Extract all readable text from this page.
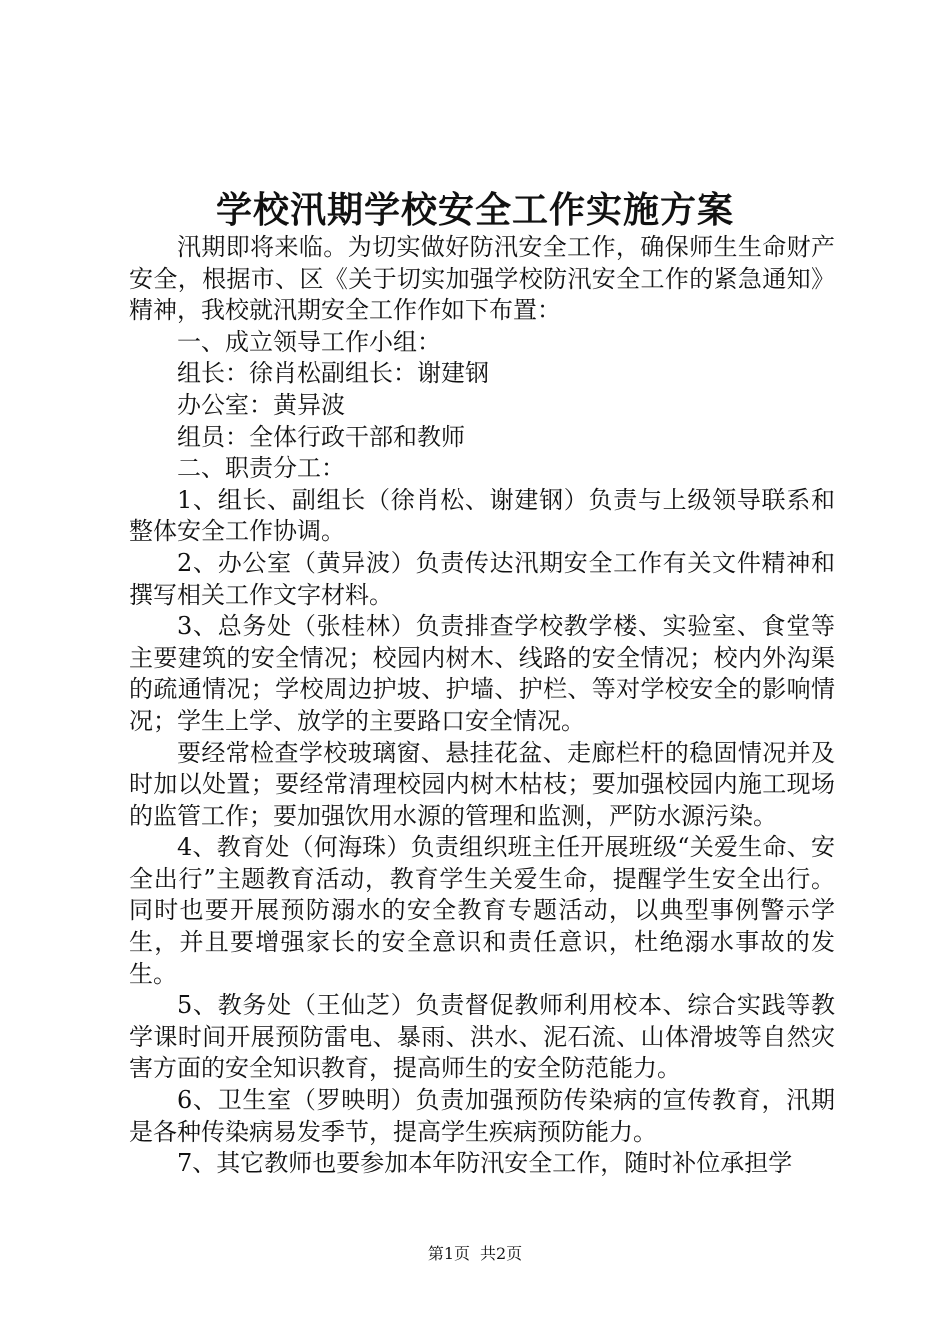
学校汛期学校安全工作实施方案

汛期即将来临。为切实做好防汛安全工作，确保师生生命财产安全，根据市、区《关于切实加强学校防汛安全工作的紧急通知》精神，我校就汛期安全工作作如下布置：

一、成立领导工作小组：

组长：徐肖松副组长：谢建钢

办公室：黄异波

组员：全体行政干部和教师

二、职责分工：

1、组长、副组长（徐肖松、谢建钢）负责与上级领导联系和整体安全工作协调。

2、办公室（黄异波）负责传达汛期安全工作有关文件精神和撰写相关工作文字材料。

3、总务处（张桂林）负责排查学校教学楼、实验室、食堂等主要建筑的安全情况；校园内树木、线路的安全情况；校内外沟渠的疏通情况；学校周边护坡、护墙、护栏、等对学校安全的影响情况；学生上学、放学的主要路口安全情况。

要经常检查学校玻璃窗、悬挂花盆、走廊栏杆的稳固情况并及时加以处置；要经常清理校园内树木枯枝；要加强校园内施工现场的监管工作；要加强饮用水源的管理和监测，严防水源污染。

4、教育处（何海珠）负责组织班主任开展班级“关爱生命、安全出行”主题教育活动，教育学生关爱生命，提醒学生安全出行。同时也要开展预防溺水的安全教育专题活动，以典型事例警示学生，并且要增强家长的安全意识和责任意识，杜绝溺水事故的发生。

5、教务处（王仙芝）负责督促教师利用校本、综合实践等教学课时间开展预防雷电、暴雨、洪水、泥石流、山体滑坡等自然灾害方面的安全知识教育，提高师生的安全防范能力。

6、卫生室（罗映明）负责加强预防传染病的宣传教育，汛期是各种传染病易发季节，提高学生疾病预防能力。

7、其它教师也要参加本年防汛安全工作，随时补位承担学

第1页 共2页
